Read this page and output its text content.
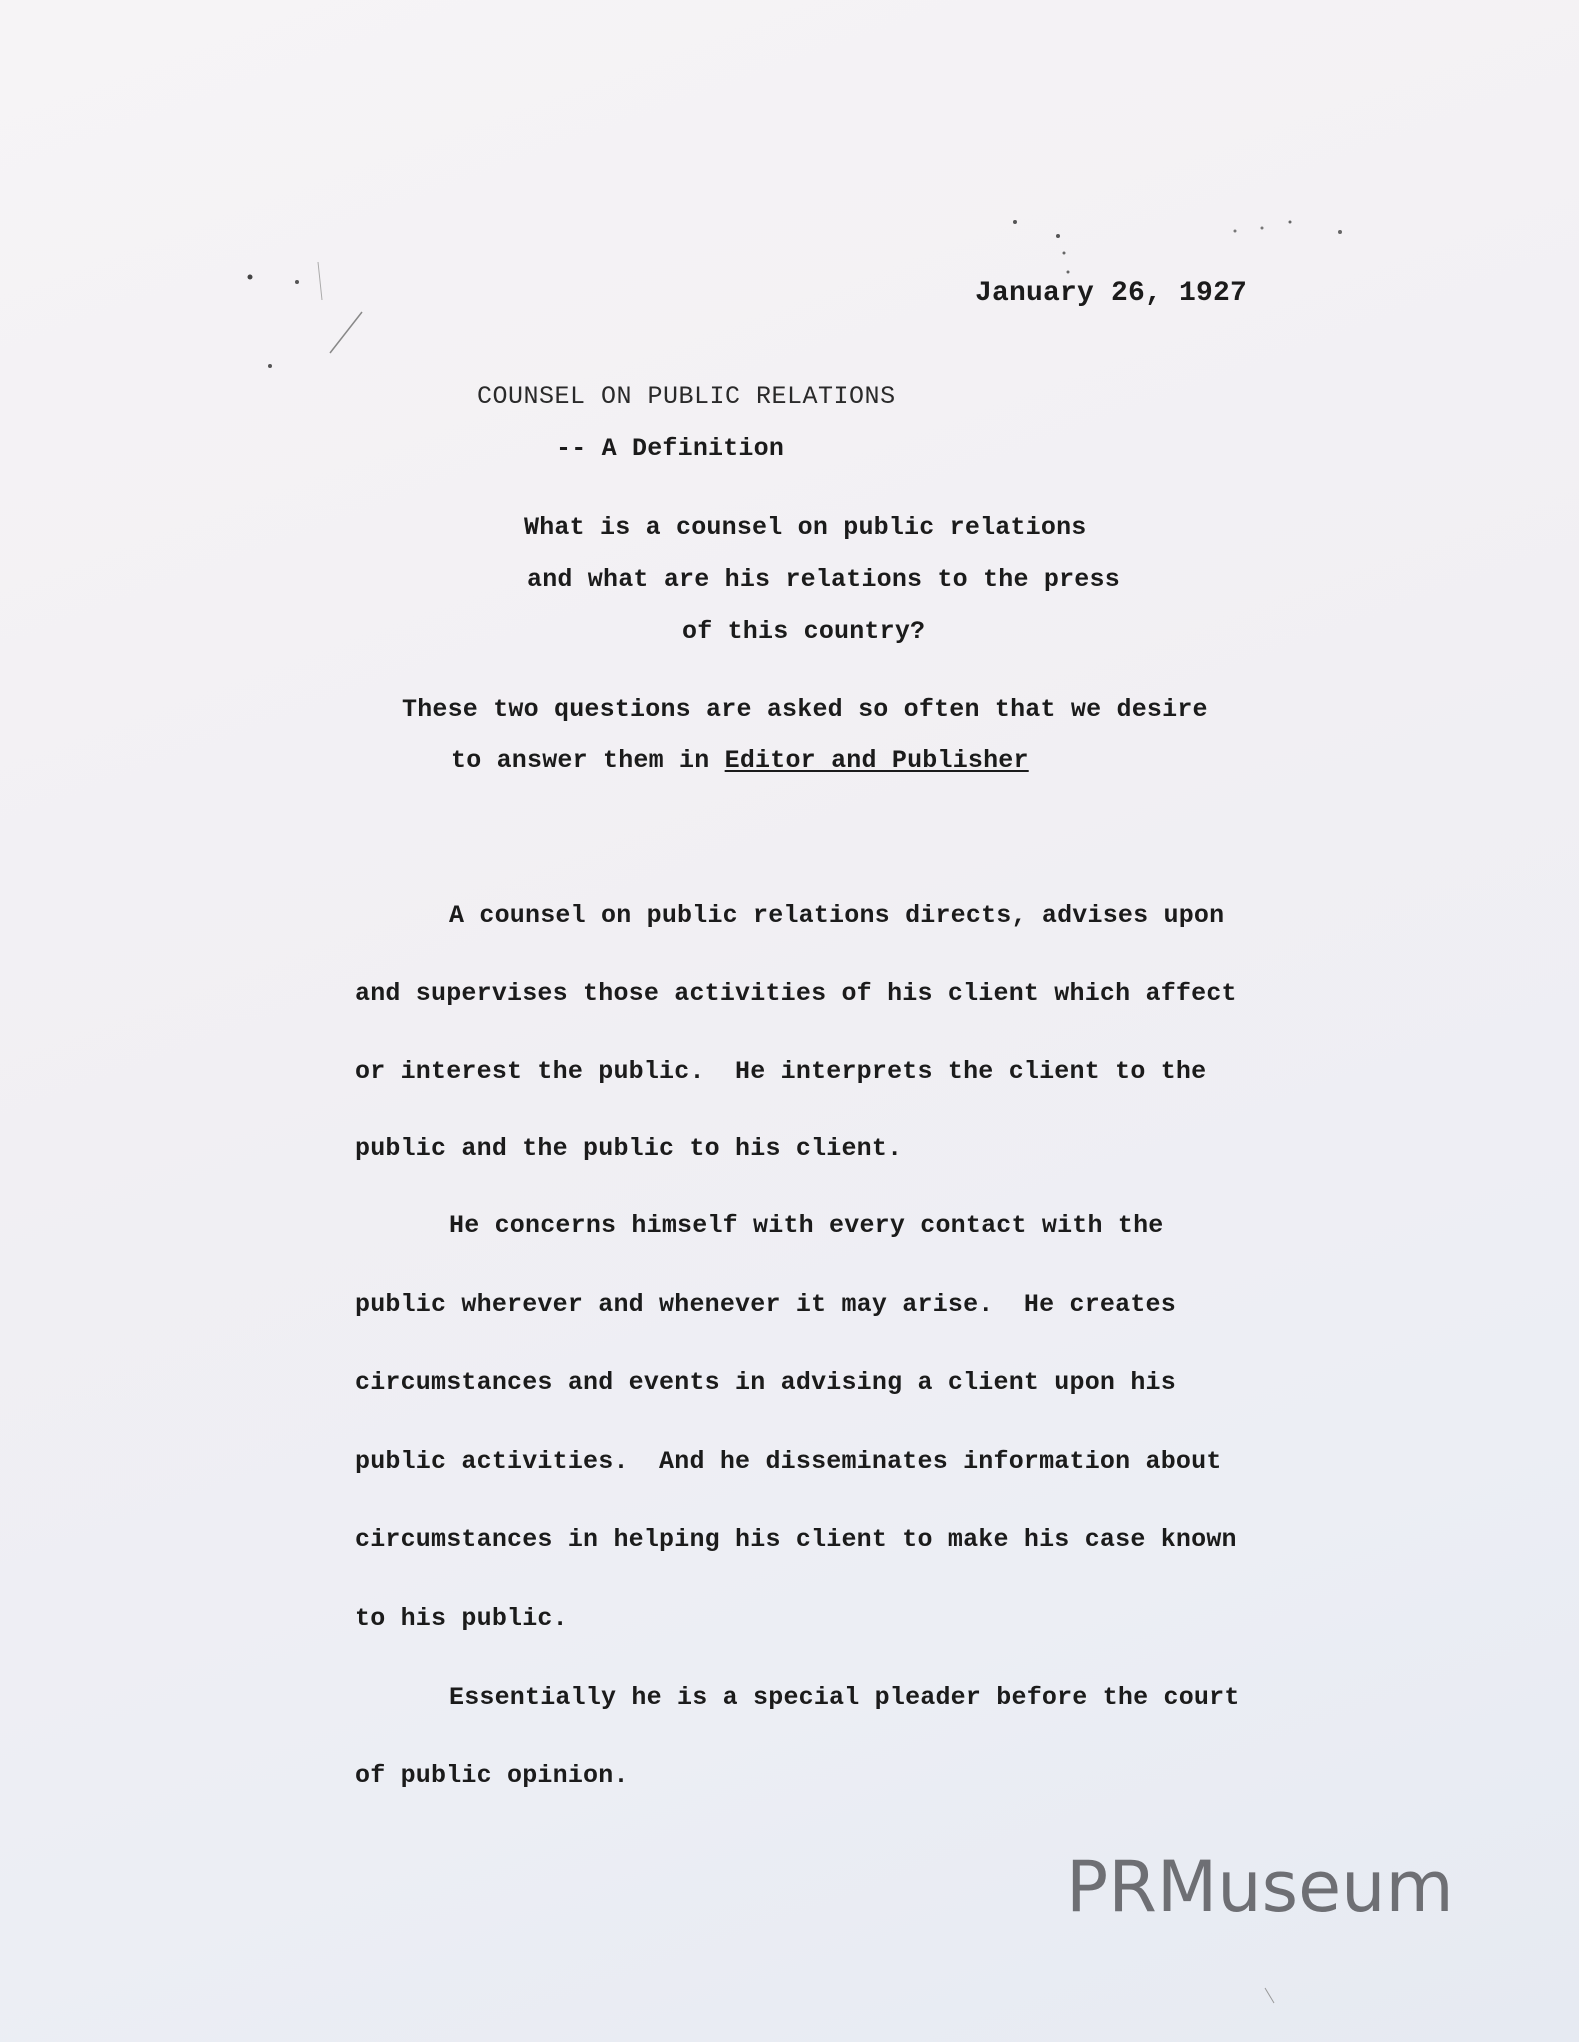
January 26, 1927
COUNSEL ON PUBLIC RELATIONS
-- A Definition
What is a counsel on public relations
and what are his relations to the press
of this country?
These two questions are asked so often that we desire
to answer them in Editor and Publisher
A counsel on public relations directs, advises upon
and supervises those activities of his client which affect
or interest the public.  He interprets the client to the
public and the public to his client.
He concerns himself with every contact with the
public wherever and whenever it may arise.  He creates
circumstances and events in advising a client upon his
public activities.  And he disseminates information about
circumstances in helping his client to make his case known
to his public.
Essentially he is a special pleader before the court
of public opinion.
PRMuseum
